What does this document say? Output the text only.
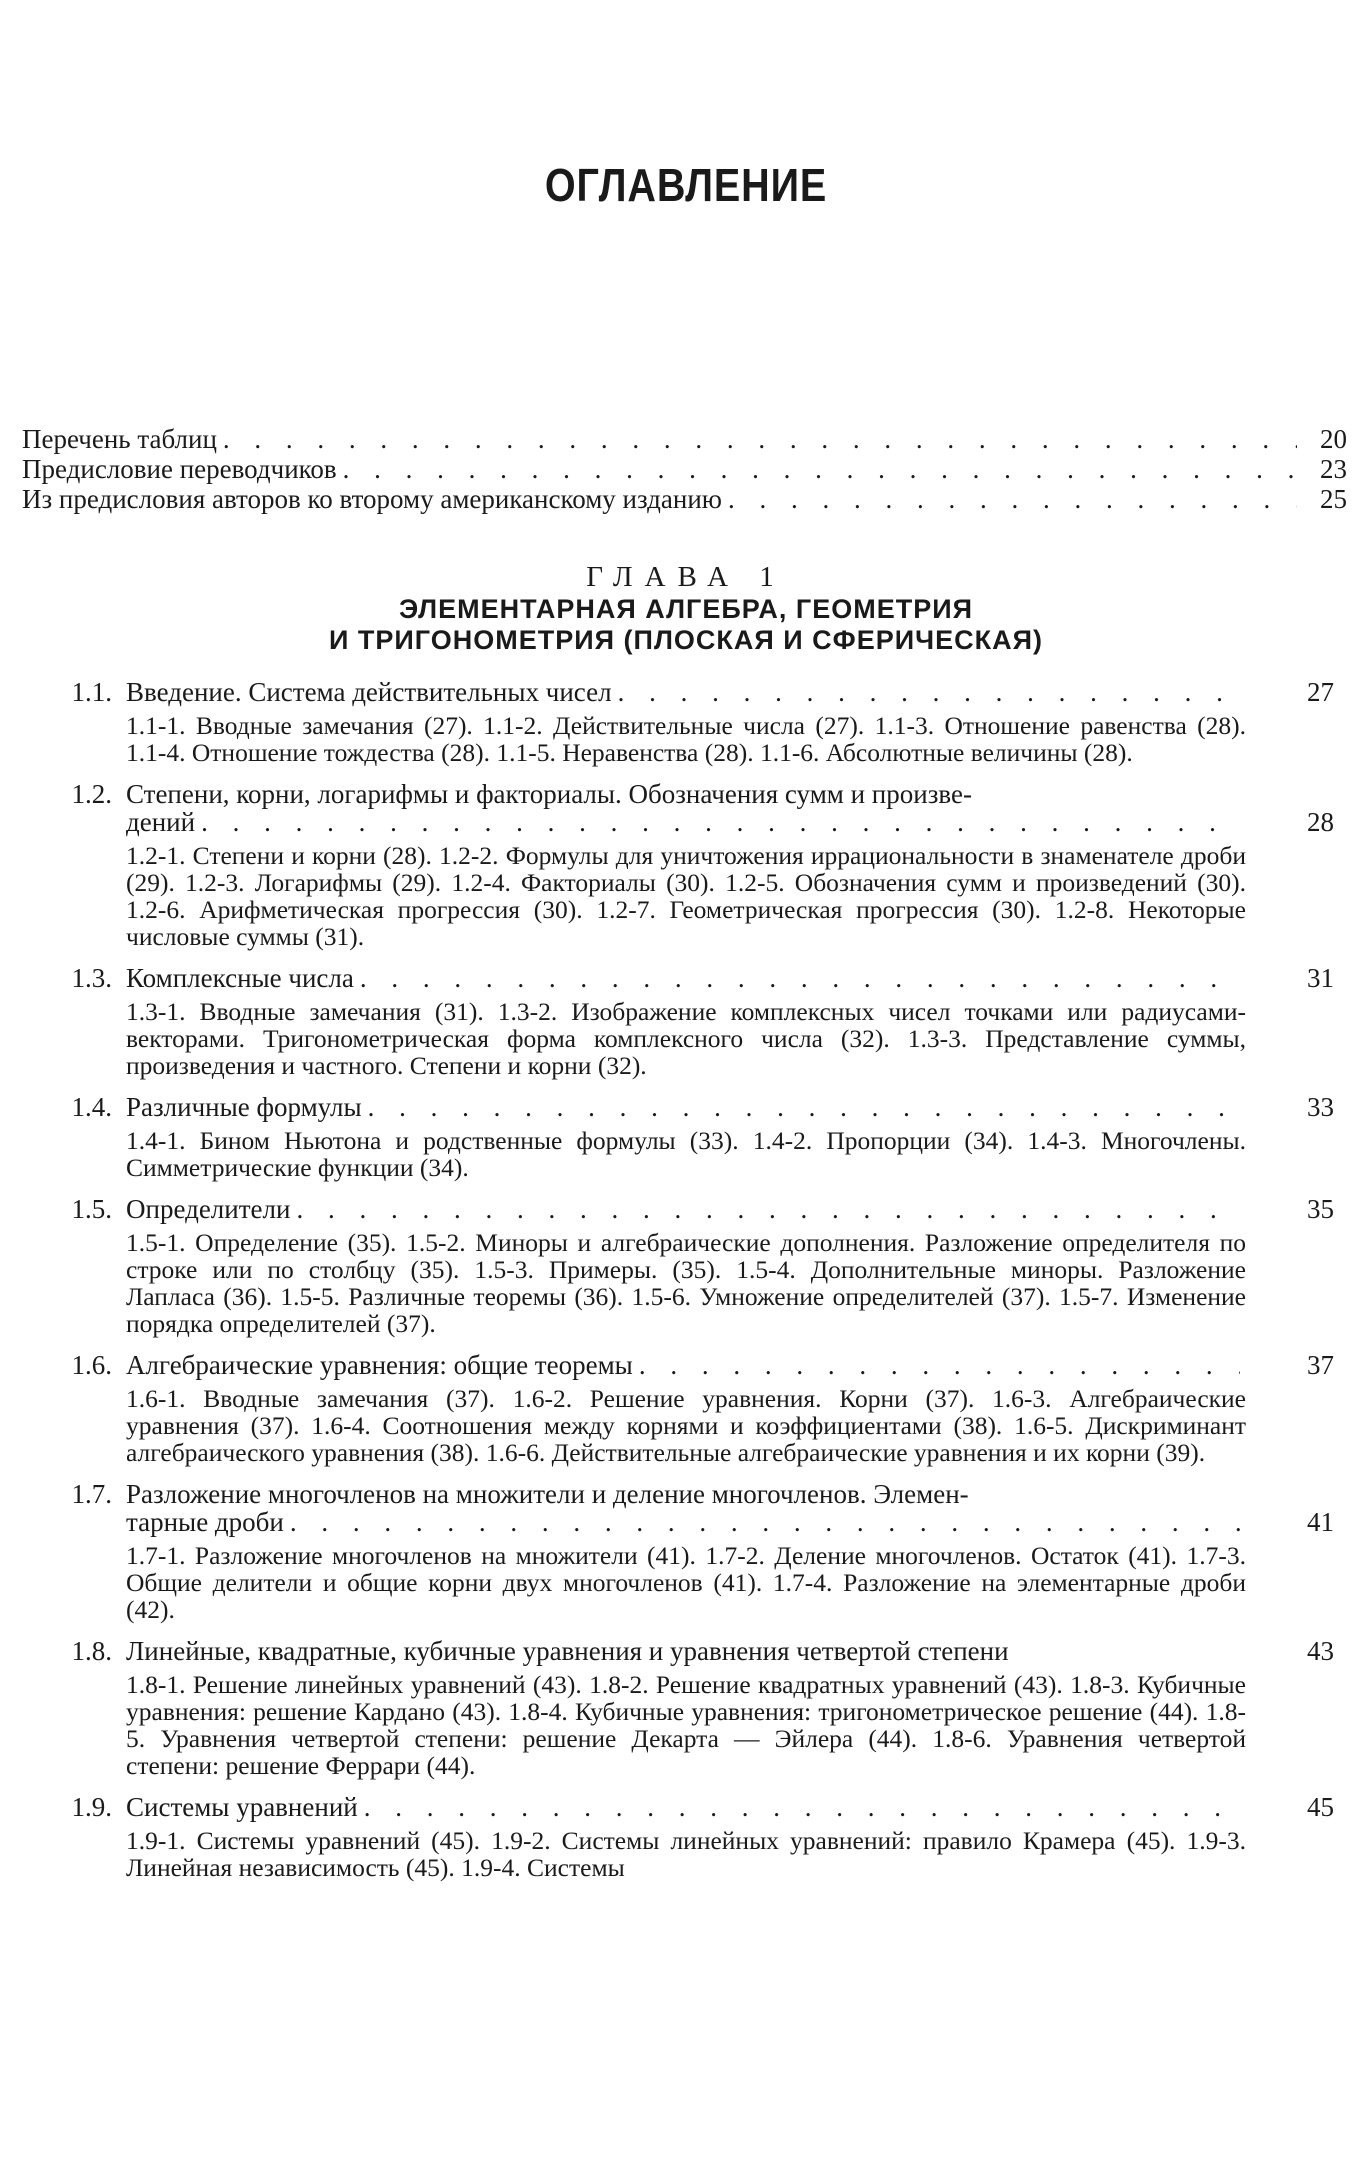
ОГЛАВЛЕНИЕ
Перечень таблиц . . .	20
Предисловие переводчиков . . .	23
Из предисловия авторов ко второму американскому изданию . . .	25
ГЛАВА 1
ЭЛЕМЕНТАРНАЯ АЛГЕБРА, ГЕОМЕТРИЯ
И ТРИГОНОМЕТРИЯ (ПЛОСКАЯ И СФЕРИЧЕСКАЯ)
1.1. Введение. Система действительных чисел . . .	27
1.1-1. Вводные замечания (27). 1.1-2. Действительные числа (27). 1.1-3. Отношение равенства (28). 1.1-4. Отношение тождества (28). 1.1-5. Неравенства (28). 1.1-6. Абсолютные величины (28).
1.2. Степени, корни, логарифмы и факториалы. Обозначения сумм и произве-
дений . . .	28
1.2-1. Степени и корни (28). 1.2-2. Формулы для уничтожения иррациональности в знаменателе дроби (29). 1.2-3. Логарифмы (29). 1.2-4. Факториалы (30). 1.2-5. Обозначения сумм и произведений (30). 1.2-6. Арифметическая прогрессия (30). 1.2-7. Геометрическая прогрессия (30). 1.2-8. Некоторые числовые суммы (31).
1.3. Комплексные числа . . .	31
1.3-1. Вводные замечания (31). 1.3-2. Изображение комплексных чисел точками или радиусами-векторами. Тригонометрическая форма комплексного числа (32). 1.3-3. Представление суммы, произведения и частного. Степени и корни (32).
1.4. Различные формулы . . .	33
1.4-1. Бином Ньютона и родственные формулы (33). 1.4-2. Пропорции (34). 1.4-3. Многочлены. Симметрические функции (34).
1.5. Определители . . .	35
1.5-1. Определение (35). 1.5-2. Миноры и алгебраические дополнения. Разложение определителя по строке или по столбцу (35). 1.5-3. Примеры. (35). 1.5-4. Дополнительные миноры. Разложение Лапласа (36). 1.5-5. Различные теоремы (36). 1.5-6. Умножение определителей (37). 1.5-7. Изменение порядка определителей (37).
1.6. Алгебраические уравнения: общие теоремы . . .	37
1.6-1. Вводные замечания (37). 1.6-2. Решение уравнения. Корни (37). 1.6-3. Алгебраические уравнения (37). 1.6-4. Соотношения между корнями и коэффициентами (38). 1.6-5. Дискриминант алгебраического уравнения (38). 1.6-6. Действительные алгебраические уравнения и их корни (39).
1.7. Разложение многочленов на множители и деление многочленов. Элемен-
тарные дроби . . .	41
1.7-1. Разложение многочленов на множители (41). 1.7-2. Деление многочленов. Остаток (41). 1.7-3. Общие делители и общие корни двух многочленов (41). 1.7-4. Разложение на элементарные дроби (42).
1.8. Линейные, квадратные, кубичные уравнения и уравнения четвертой степени	43
1.8-1. Решение линейных уравнений (43). 1.8-2. Решение квадратных уравнений (43). 1.8-3. Кубичные уравнения: решение Кардано (43). 1.8-4. Кубичные уравнения: тригонометрическое решение (44). 1.8-5. Уравнения четвертой степени: решение Декарта — Эйлера (44). 1.8-6. Уравнения четвертой степени: решение Феррари (44).
1.9. Системы уравнений . . .	45
1.9-1. Системы уравнений (45). 1.9-2. Системы линейных уравнений: правило Крамера (45). 1.9-3. Линейная независимость (45). 1.9-4. Системы
